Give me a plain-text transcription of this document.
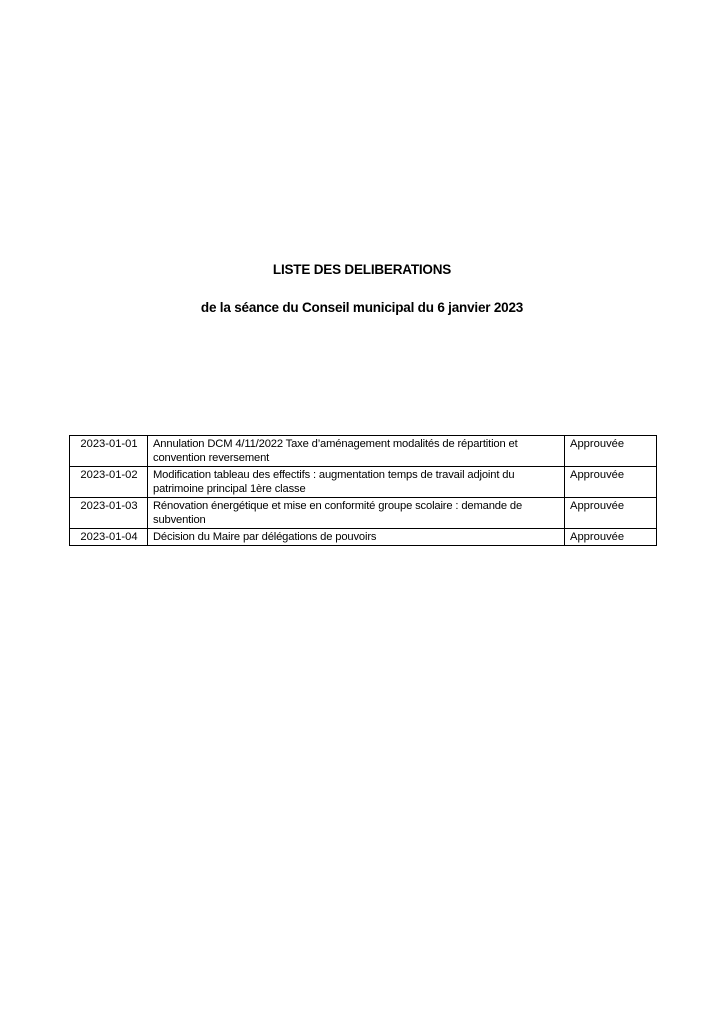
LISTE DES DELIBERATIONS
de la séance du Conseil municipal du 6 janvier 2023
2023-01-01	Annulation DCM 4/11/2022 Taxe d’aménagement modalités de répartition et convention reversement	Approuvée
2023-01-02	Modification tableau des effectifs : augmentation temps de travail adjoint du patrimoine principal 1ère classe	Approuvée
2023-01-03	Rénovation énergétique et mise en conformité groupe scolaire : demande de subvention	Approuvée
2023-01-04	Décision du Maire par délégations de pouvoirs	Approuvée
